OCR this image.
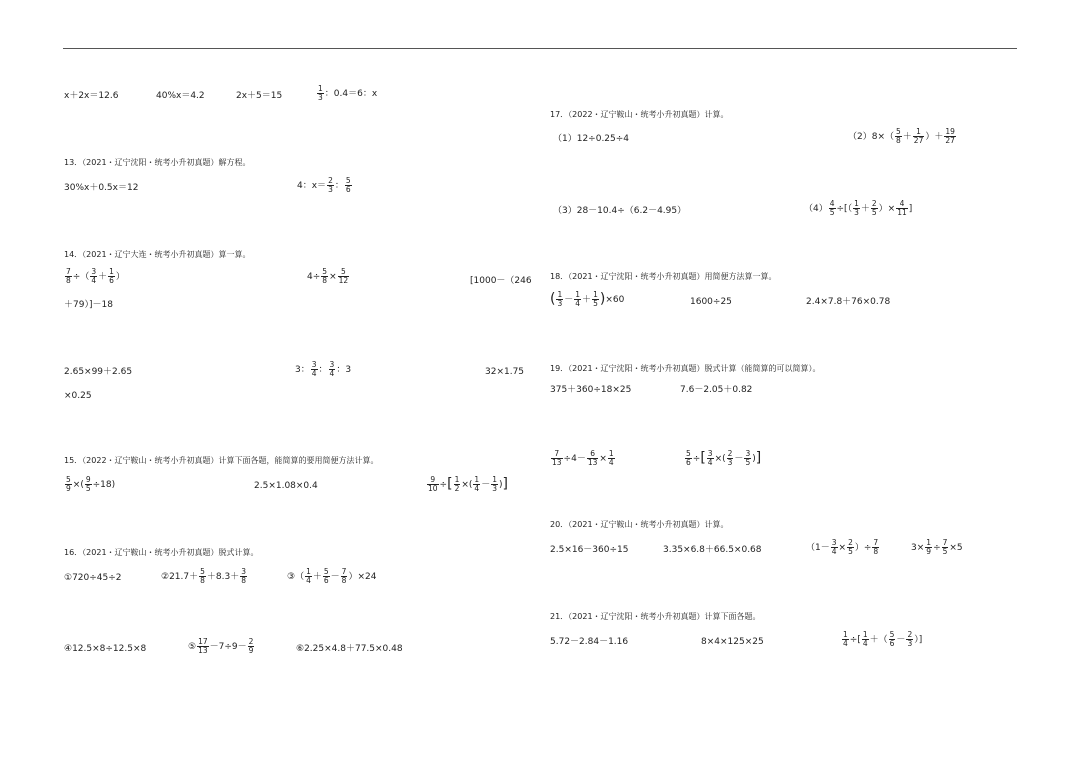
x＋2x＝12.6	40%x＝4.2	2x＋5＝15	$\frac{1}{3}$ ：0.4＝6：x
13．（2021・辽宁沈阳・统考小升初真题）解方程。
30%x＋0.5x＝12	4：$x= \frac{2}{3}$ ： $\frac{5}{6}$
14．（2021・辽宁大连・统考小升初真题）算一算。
$\frac{7}{8}$ ÷（ $\frac{3}{4} + \frac{1}{6}$ ）	$4\div \frac{5}{8} \times \frac{5}{12}$	[1000－（246
＋79）]－18
2.65×99＋2.65	3： $\frac{3}{4}$ ： $\frac{3}{4}$ ：3	32×1.75
×0.25
15．（2022・辽宁鞍山・统考小升初真题）计算下面各题，能简算的要用简便方法计算。
$\frac{5}{9}$ ×( $\frac{9}{5} \div 18$)	2.5×1.08×0.4	$\frac{9}{10}$ ÷[ $\frac{1}{2}$ ×( $\frac{1}{4} - \frac{1}{3}$ )]
16．（2021・辽宁鞍山・统考小升初真题）脱式计算。
①720÷45÷2	②21.7＋ $\frac{5}{8} +8.3+ \frac{3}{8}$	③（ $\frac{1}{4} + \frac{5}{6} - \frac{7}{8} )\times 24$
④12.5×8÷12.5×8	⑤ $\frac{17}{13} -7\div 9- \frac{2}{9}$	⑥2.25×4.8＋77.5×0.48
17．（2022・辽宁鞍山・统考小升初真题）计算。
（1）12÷0.25÷4	$(2)8\times( \frac{5}{8} + \frac{1}{27}$ ）＋ $\frac{19}{27}$
（3）28－10.4÷（6.2－4.95）	$(4) \frac{4}{5}$ ÷[（ $\frac{1}{3} + \frac{2}{5}$ ）× $\frac{4}{11}$ ]
18．（2021・辽宁沈阳・统考小升初真题）用简便方法算一算。
( $\frac{1}{3} - \frac{1}{4} + \frac{1}{5} )\times 60$	1600÷25	2.4×7.8＋76×0.78
19．（2021・辽宁沈阳・统考小升初真题）脱式计算（能简算的可以简算）。
375＋360÷18×25	7.6－2.05＋0.82
$\frac{7}{13} \div 4- \frac{6}{13} \times \frac{1}{4}$	$\frac{5}{6}$ ÷[ $\frac{3}{4}$ ×( $\frac{2}{3} - \frac{3}{5}$ )]
20．（2021・辽宁鞍山・统考小升初真题）计算。
2.5×16－360÷15	3.35×6.8＋66.5×0.68	（$1- \frac{3}{4} \times \frac{2}{5}$ ）÷ $\frac{7}{8}$	$3\times \frac{1}{9} \div \frac{7}{5} \times 5$
21．（2021・辽宁沈阳・统考小升初真题）计算下面各题。
5.72－2.84－1.16	8×4×125×25	$\frac{1}{4}$ ÷[ $\frac{1}{4}$ ＋（ $\frac{5}{6} - \frac{2}{3}$ ）]
